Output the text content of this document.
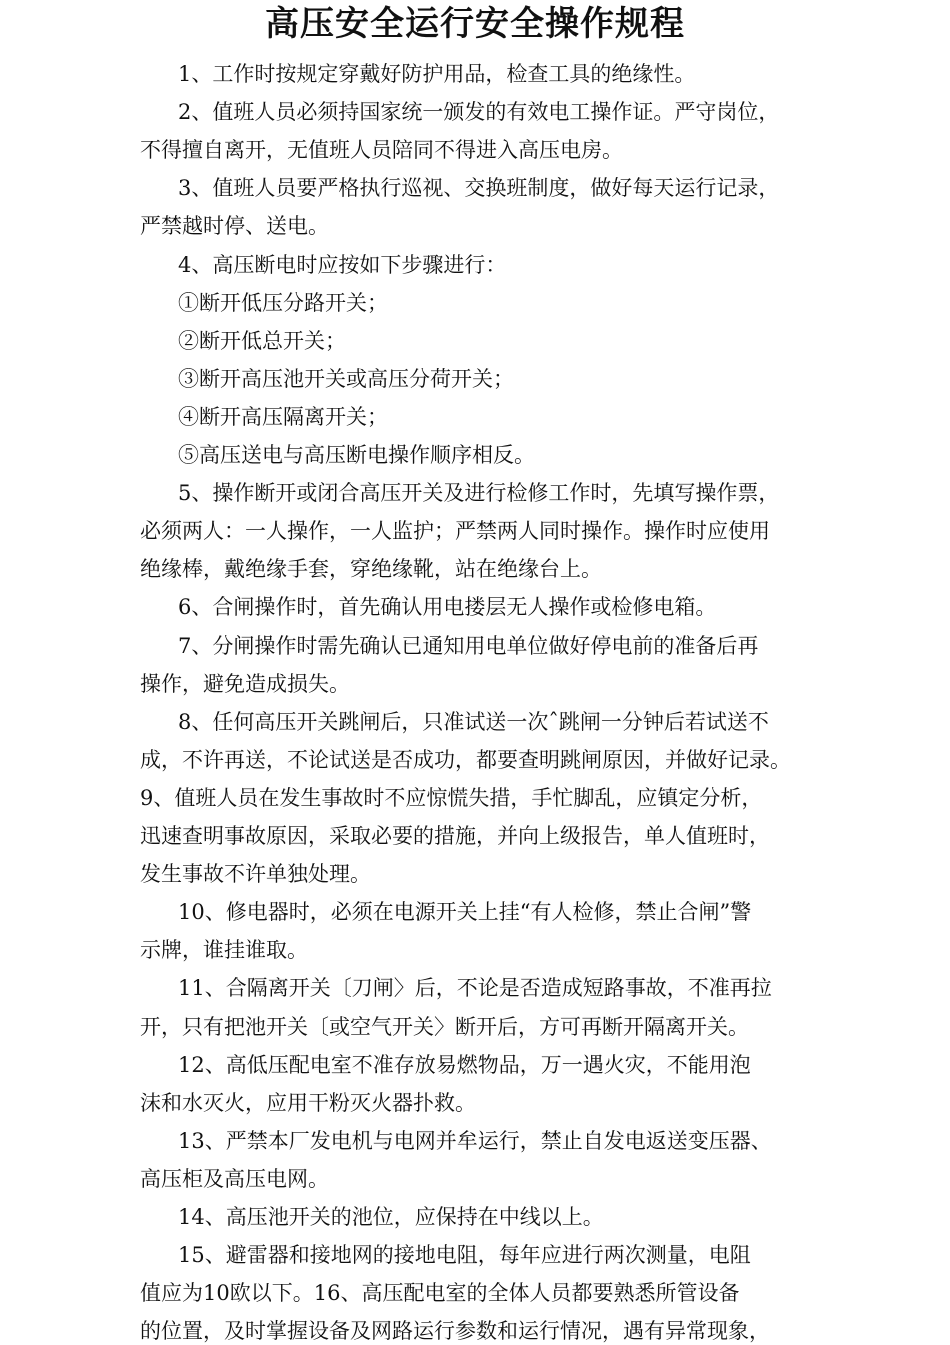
高压安全运行安全操作规程
1、工作时按规定穿戴好防护用品，检查工具的绝缘性。
2、值班人员必须持国家统一颁发的有效电工操作证。严守岗位，
不得擅自离开，无值班人员陪同不得进入高压电房。
3、值班人员要严格执行巡视、交换班制度，做好每天运行记录，
严禁越时停、送电。
4、高压断电时应按如下步骤进行：
①断开低压分路开关；
②断开低总开关；
③断开高压池开关或高压分荷开关；
④断开高压隔离开关；
⑤高压送电与高压断电操作顺序相反。
5、操作断开或闭合高压开关及进行检修工作时，先填写操作票，
必须两人：一人操作，一人监护；严禁两人同时操作。操作时应使用
绝缘棒，戴绝缘手套，穿绝缘靴，站在绝缘台上。
6、合闸操作时，首先确认用电搂层无人操作或检修电箱。
7、分闸操作时需先确认已通知用电单位做好停电前的准备后再
操作，避免造成损失。
8、任何高压开关跳闸后，只准试送一次ˆ跳闸一分钟后若试送不
成，不许再送，不论试送是否成功，都要查明跳闸原因，并做好记录。
9、值班人员在发生事故时不应惊慌失措，手忙脚乱，应镇定分析，
迅速查明事故原因，采取必要的措施，并向上级报告，单人值班时，
发生事故不许单独处理。
10、修电器时，必须在电源开关上挂“有人检修，禁止合闸”警
示牌，谁挂谁取。
11、合隔离开关〔刀闸〉后，不论是否造成短路事故，不准再拉
开，只有把池开关〔或空气开关〉断开后，方可再断开隔离开关。
12、高低压配电室不准存放易燃物品，万一遇火灾，不能用泡
沫和水灭火，应用干粉灭火器扑救。
13、严禁本厂发电机与电网并牟运行，禁止自发电返送变压器、
高压柜及高压电网。
14、高压池开关的池位，应保持在中线以上。
15、避雷器和接地网的接地电阻，每年应进行两次测量，电阻
值应为10欧以下。16、高压配电室的全体人员都要熟悉所管设备
的位置，及时掌握设备及网路运行参数和运行情况，遇有异常现象，
